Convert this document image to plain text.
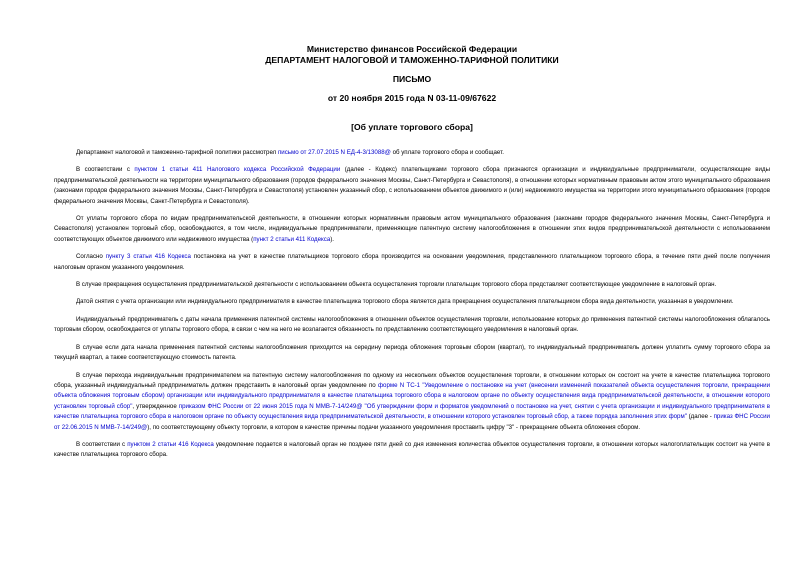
Министерство финансов Российской Федерации
ДЕПАРТАМЕНТ НАЛОГОВОЙ И ТАМОЖЕННО-ТАРИФНОЙ ПОЛИТИКИ
ПИСЬМО
от 20 ноября 2015 года N 03-11-09/67622
[Об уплате торгового сбора]

Департамент налоговой и таможенно-тарифной политики рассмотрел письмо от 27.07.2015 N ЕД-4-3/13088@ об уплате торгового сбора и сообщает.

В соответствии с пунктом 1 статьи 411 Налогового кодекса Российской Федерации (далее - Кодекс) плательщиками торгового сбора признаются организации и индивидуальные предприниматели, осуществляющие виды предпринимательской деятельности на территории муниципального образования (городов федерального значения Москвы, Санкт-Петербурга и Севастополя), в отношении которых нормативным правовым актом этого муниципального образования (законами городов федерального значения Москвы, Санкт-Петербурга и Севастополя) установлен указанный сбор, с использованием объектов движимого и (или) недвижимого имущества на территории этого муниципального образования (городов федерального значения Москвы, Санкт-Петербурга и Севастополя).

От уплаты торгового сбора по видам предпринимательской деятельности, в отношении которых нормативным правовым актом муниципального образования (законами городов федерального значения Москвы, Санкт-Петербурга и Севастополя) установлен торговый сбор, освобождаются, в том числе, индивидуальные предприниматели, применяющие патентную систему налогообложения в отношении этих видов предпринимательской деятельности с использованием соответствующих объектов движимого или недвижимого имущества (пункт 2 статьи 411 Кодекса).

Согласно пункту 3 статьи 416 Кодекса постановка на учет в качестве плательщиков торгового сбора производится на основании уведомления, представленного плательщиком торгового сбора, в течение пяти дней после получения налоговым органом указанного уведомления.

В случае прекращения осуществления предпринимательской деятельности с использованием объекта осуществления торговли плательщик торгового сбора представляет соответствующее уведомление в налоговый орган.

Датой снятия с учета организации или индивидуального предпринимателя в качестве плательщика торгового сбора является дата прекращения осуществления плательщиком сбора вида деятельности, указанная в уведомлении.

Индивидуальный предприниматель с даты начала применения патентной системы налогообложения в отношении объектов осуществления торговли, использование которых до применения патентной системы налогообложения облагалось торговым сбором, освобождается от уплаты торгового сбора, в связи с чем на него не возлагается обязанность по представлению соответствующего уведомления в налоговый орган.

В случае если дата начала применения патентной системы налогообложения приходится на середину периода обложения торговым сбором (квартал), то индивидуальный предприниматель должен уплатить сумму торгового сбора за текущий квартал, а также соответствующую стоимость патента.

В случае перехода индивидуальным предпринимателем на патентную систему налогообложения по одному из нескольких объектов осуществления торговли, в отношении которых он состоит на учете в качестве плательщика торгового сбора, указанный индивидуальный предприниматель должен представить в налоговый орган уведомление по форме N ТС-1 "Уведомление о постановке на учет (внесении изменений показателей объекта осуществления торговли, прекращении объекта обложения торговым сбором) организации или индивидуального предпринимателя в качестве плательщика торгового сбора в налоговом органе по объекту осуществления вида предпринимательской деятельности, в отношении которого установлен торговый сбор", утвержденное приказом ФНС России от 22 июня 2015 года N ММВ-7-14/249@ "Об утверждении форм и форматов уведомлений о постановке на учет, снятии с учета организации и индивидуального предпринимателя в качестве плательщика торгового сбора в налоговом органе по объекту осуществления вида предпринимательской деятельности, в отношении которого установлен торговый сбор, а также порядка заполнения этих форм" (далее - приказ ФНС России от 22.06.2015 N ММВ-7-14/249@), по соответствующему объекту торговли, в котором в качестве причины подачи указанного уведомления проставить цифру "3" - прекращение объекта обложения сбором.

В соответствии с пунктом 2 статьи 416 Кодекса уведомление подается в налоговый орган не позднее пяти дней со дня изменения количества объектов осуществления торговли, в отношении которых налогоплательщик состоит на учете в качестве плательщика торгового сбора.
